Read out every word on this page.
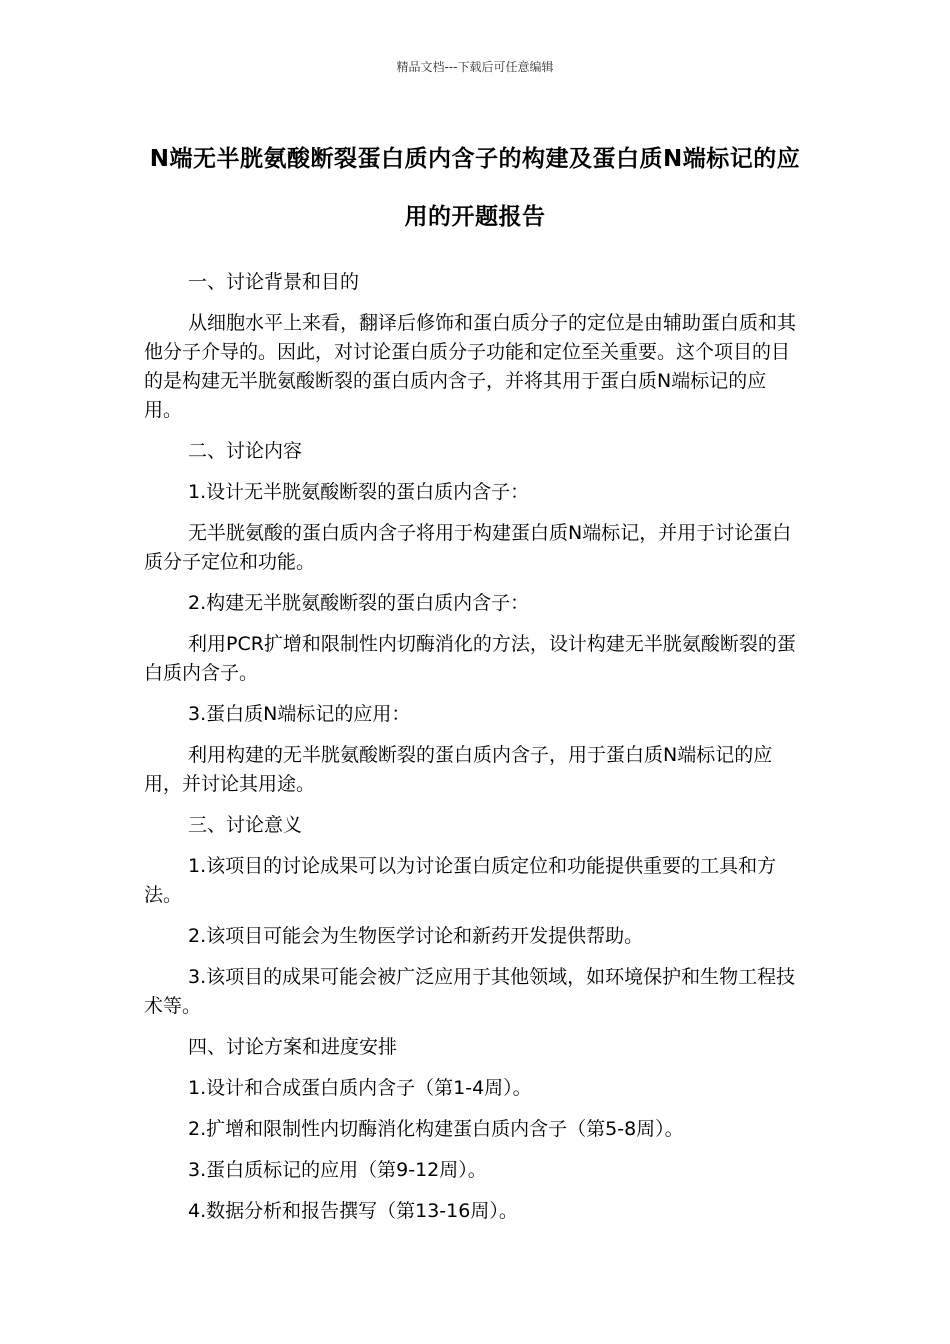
精品文档---下载后可任意编辑
N端无半胱氨酸断裂蛋白质内含子的构建及蛋白质N端标记的应用的开题报告

一、讨论背景和目的

从细胞水平上来看，翻译后修饰和蛋白质分子的定位是由辅助蛋白质和其他分子介导的。因此，对讨论蛋白质分子功能和定位至关重要。这个项目的目的是构建无半胱氨酸断裂的蛋白质内含子，并将其用于蛋白质N端标记的应用。

二、讨论内容

1.设计无半胱氨酸断裂的蛋白质内含子：

无半胱氨酸的蛋白质内含子将用于构建蛋白质N端标记，并用于讨论蛋白质分子定位和功能。

2.构建无半胱氨酸断裂的蛋白质内含子：

利用PCR扩增和限制性内切酶消化的方法，设计构建无半胱氨酸断裂的蛋白质内含子。

3.蛋白质N端标记的应用：

利用构建的无半胱氨酸断裂的蛋白质内含子，用于蛋白质N端标记的应用，并讨论其用途。

三、讨论意义

1.该项目的讨论成果可以为讨论蛋白质定位和功能提供重要的工具和方法。

2.该项目可能会为生物医学讨论和新药开发提供帮助。

3.该项目的成果可能会被广泛应用于其他领域，如环境保护和生物工程技术等。

四、讨论方案和进度安排

1.设计和合成蛋白质内含子（第1-4周）。

2.扩增和限制性内切酶消化构建蛋白质内含子（第5-8周）。

3.蛋白质标记的应用（第9-12周）。

4.数据分析和报告撰写（第13-16周）。
